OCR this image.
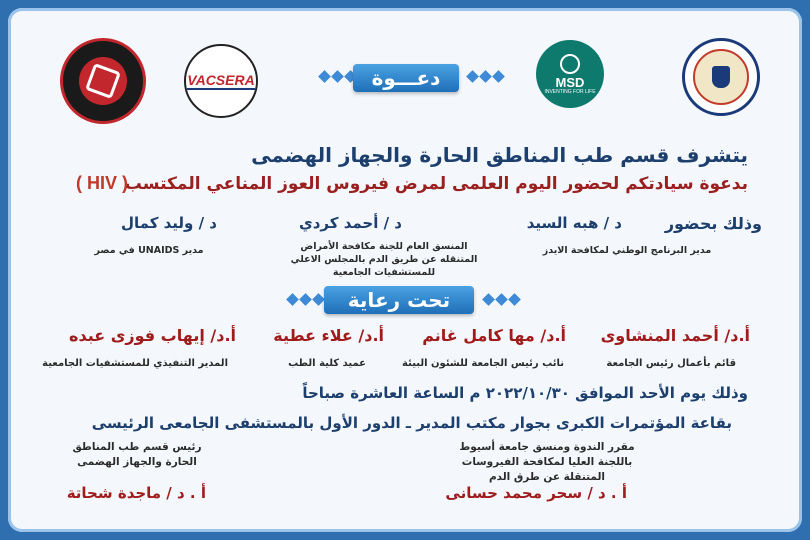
MSD
INVENTING FOR LIFE
VACSERA	دعـــوة
يتشرف قسم طب المناطق الحارة والجهاز الهضمى
بدعوة سيادتكم لحضور اليوم العلمى لمرض فيروس العوز المناعي المكتسب
( HIV )
وذلك بحضور
د / هبه السيد
مدير البرنامج الوطني لمكافحة الايدز
د / أحمد كردي
المنسق العام للجنة مكافحة الأمراض المتنقله عن طريق الدم بالمجلس الاعلي للمستشفيات الجامعية
د / وليد كمال
مدير UNAIDS في مصر
تحت رعاية
أ.د/ أحمد المنشاوى
قائم بأعمال رئيس الجامعة
أ.د/ مها كامل غانم
نائب رئيس الجامعة للشئون البيئة
أ.د/ علاء عطية
عميد كلية الطب
أ.د/ إيهاب فوزى عبده
المدير التنفيذي للمستشفيات الجامعية
وذلك يوم الأحد الموافق ٢٠٢٢/١٠/٣٠ م الساعة العاشرة صباحاً
بقاعة المؤتمرات الكبرى بجوار مكتب المدير ـ الدور الأول بالمستشفى الجامعى الرئيسى
مقرر الندوة ومنسق جامعة أسيوط باللجنة العليا لمكافحة الفيروسات المتنقلة عن طرق الدم
أ . د / سحر محمد حسانى
رئيس قسم طب المناطق الحارة والجهاز الهضمى
أ . د / ماجدة شحاتة
